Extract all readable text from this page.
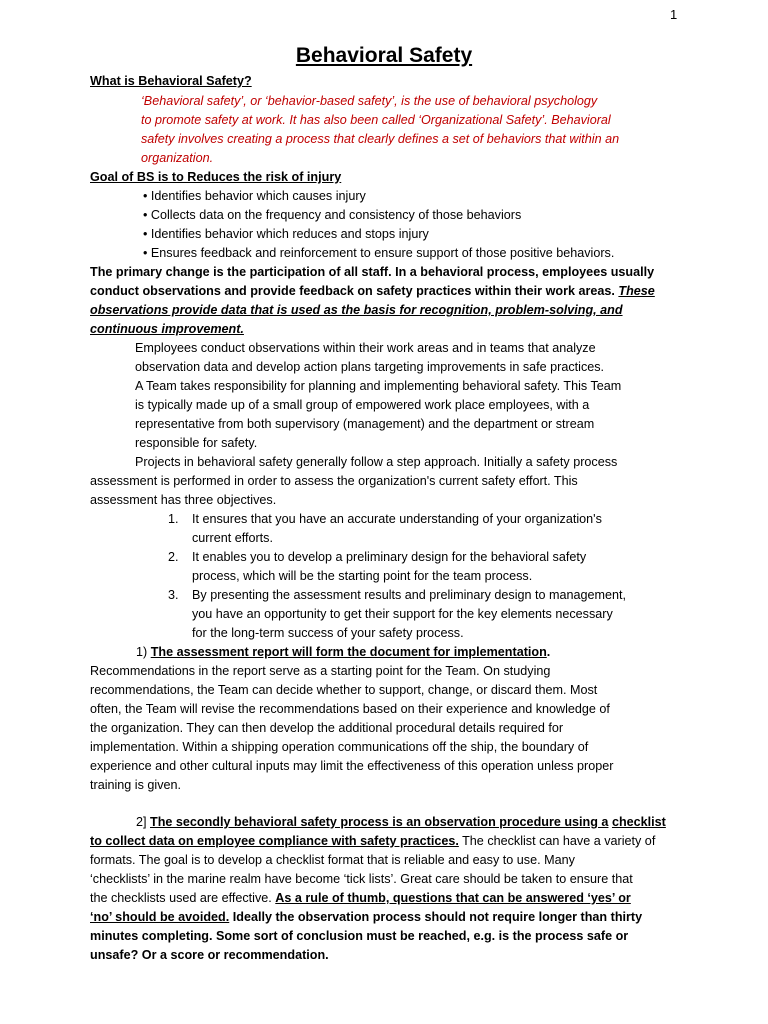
1
Behavioral Safety
What is Behavioral Safety?
‘Behavioral safety’, or ‘behavior-based safety’, is the use of behavioral psychology
to promote safety at work. It has also been called ‘Organizational Safety’. Behavioral
safety involves creating a process that clearly defines a set of behaviors that within an
organization.
Goal of BS is to Reduces the risk of injury
• Identifies behavior which causes injury
• Collects data on the frequency and consistency of those behaviors
• Identifies behavior which reduces and stops injury
• Ensures feedback and reinforcement to ensure support of those positive behaviors.
The primary change is the participation of all staff. In a behavioral process, employees usually
conduct observations and provide feedback on safety practices within their work areas. These
observations provide data that is used as the basis for recognition, problem-solving, and
continuous improvement.
Employees conduct observations within their work areas and in teams that analyze
observation data and develop action plans targeting improvements in safe practices.
A Team takes responsibility for planning and implementing behavioral safety. This Team
is typically made up of a small group of empowered work place employees, with a
representative from both supervisory (management) and the department or stream
responsible for safety.
Projects in behavioral safety generally follow a step approach. Initially a safety process
assessment is performed in order to assess the organization's current safety effort. This
assessment has three objectives.
1. It ensures that you have an accurate understanding of your organization's
current efforts.
2. It enables you to develop a preliminary design for the behavioral safety
process, which will be the starting point for the team process.
3. By presenting the assessment results and preliminary design to management,
you have an opportunity to get their support for the key elements necessary
for the long-term success of your safety process.
1) The assessment report will form the document for implementation.
Recommendations in the report serve as a starting point for the Team. On studying
recommendations, the Team can decide whether to support, change, or discard them. Most
often, the Team will revise the recommendations based on their experience and knowledge of
the organization. They can then develop the additional procedural details required for
implementation. Within a shipping operation communications off the ship, the boundary of
experience and other cultural inputs may limit the effectiveness of this operation unless proper
training is given.
2] The secondly behavioral safety process is an observation procedure using a checklist
to collect data on employee compliance with safety practices. The checklist can have a variety of
formats. The goal is to develop a checklist format that is reliable and easy to use. Many
‘checklists’ in the marine realm have become ‘tick lists’. Great care should be taken to ensure that
the checklists used are effective. As a rule of thumb, questions that can be answered ‘yes’ or
‘no’ should be avoided. Ideally the observation process should not require longer than thirty
minutes completing. Some sort of conclusion must be reached, e.g. is the process safe or
unsafe? Or a score or recommendation.
